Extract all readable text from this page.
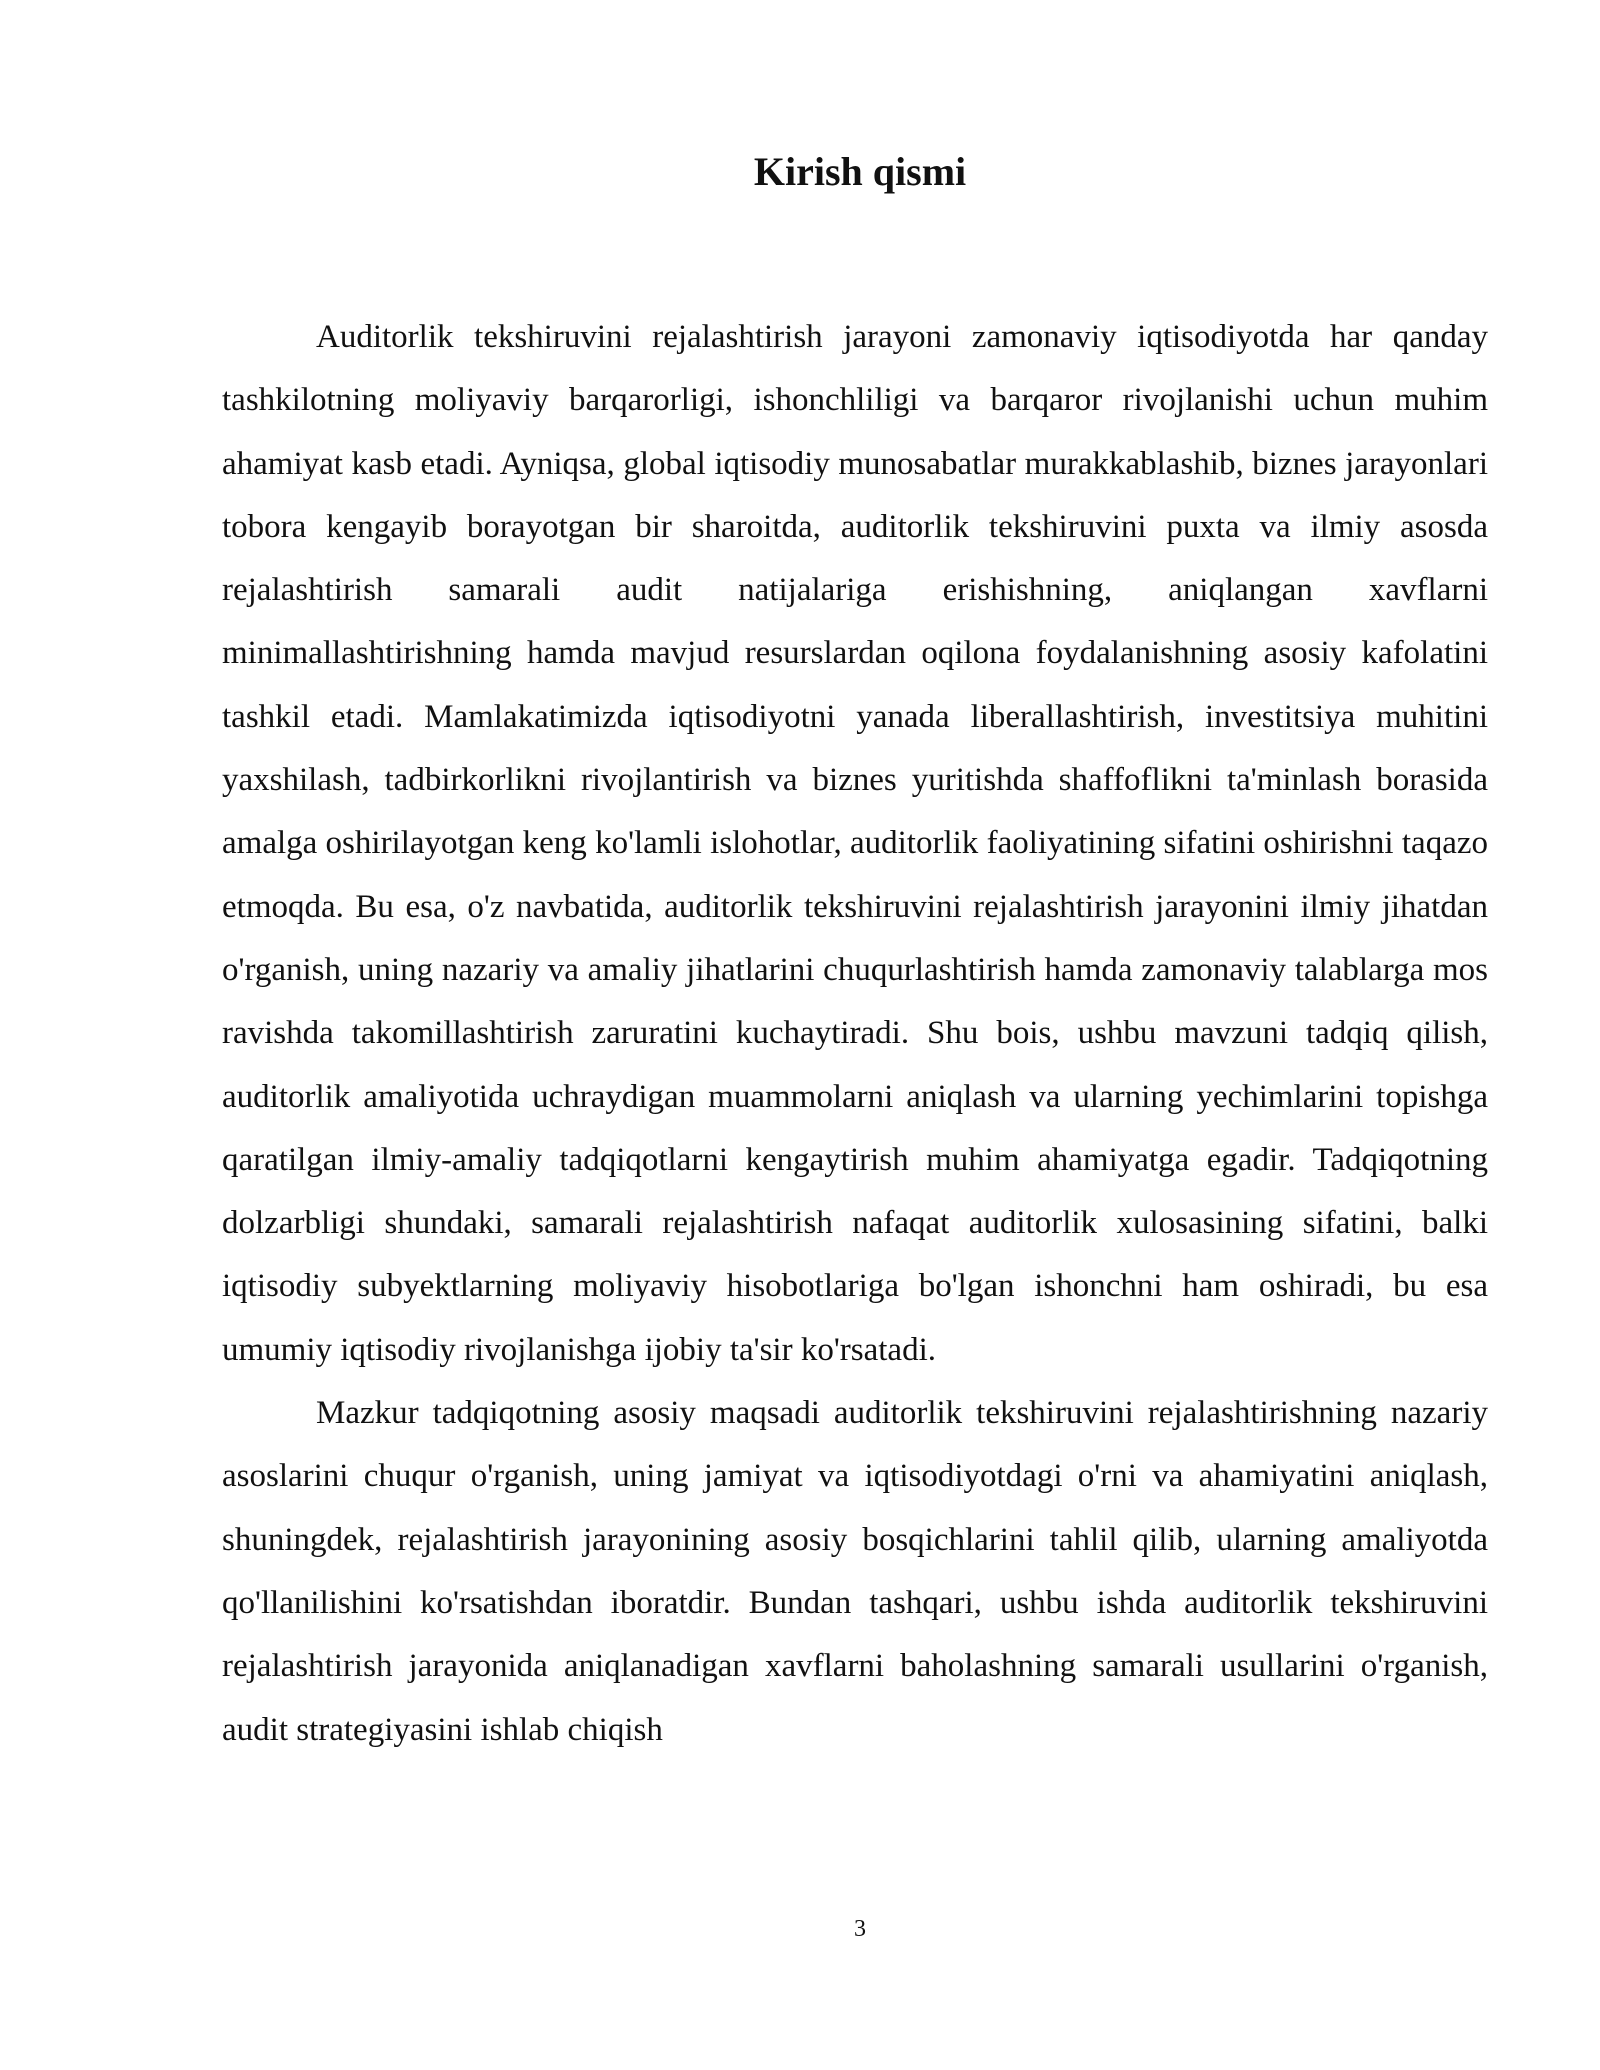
Kirish qismi

Auditorlik tekshiruvini rejalashtirish jarayoni zamonaviy iqtisodiyotda har qanday tashkilotning moliyaviy barqarorligi, ishonchliligi va barqaror rivojlanishi uchun muhim ahamiyat kasb etadi. Ayniqsa, global iqtisodiy munosabatlar murakkablashib, biznes jarayonlari tobora kengayib borayotgan bir sharoitda, auditorlik tekshiruvini puxta va ilmiy asosda rejalashtirish samarali audit natijalariga erishishning, aniqlangan xavflarni minimallashtirishning hamda mavjud resurslardan oqilona foydalanishning asosiy kafolatini tashkil etadi. Mamlakatimizda iqtisodiyotni yanada liberallashtirish, investitsiya muhitini yaxshilash, tadbirkorlikni rivojlantirish va biznes yuritishda shaffoflikni ta'minlash borasida amalga oshirilayotgan keng ko'lamli islohotlar, auditorlik faoliyatining sifatini oshirishni taqazo etmoqda. Bu esa, o'z navbatida, auditorlik tekshiruvini rejalashtirish jarayonini ilmiy jihatdan o'rganish, uning nazariy va amaliy jihatlarini chuqurlashtirish hamda zamonaviy talablarga mos ravishda takomillashtirish zaruratini kuchaytiradi. Shu bois, ushbu mavzuni tadqiq qilish, auditorlik amaliyotida uchraydigan muammolarni aniqlash va ularning yechimlarini topishga qaratilgan ilmiy-amaliy tadqiqotlarni kengaytirish muhim ahamiyatga egadir. Tadqiqotning dolzarbligi shundaki, samarali rejalashtirish nafaqat auditorlik xulosasining sifatini, balki iqtisodiy subyektlarning moliyaviy hisobotlariga bo'lgan ishonchni ham oshiradi, bu esa umumiy iqtisodiy rivojlanishga ijobiy ta'sir ko'rsatadi.

Mazkur tadqiqotning asosiy maqsadi auditorlik tekshiruvini rejalashtirishning nazariy asoslarini chuqur o'rganish, uning jamiyat va iqtisodiyotdagi o'rni va ahamiyatini aniqlash, shuningdek, rejalashtirish jarayonining asosiy bosqichlarini tahlil qilib, ularning amaliyotda qo'llanilishini ko'rsatishdan iboratdir. Bundan tashqari, ushbu ishda auditorlik tekshiruvini rejalashtirish jarayonida aniqlanadigan xavflarni baholashning samarali usullarini o'rganish, audit strategiyasini ishlab chiqish

3
